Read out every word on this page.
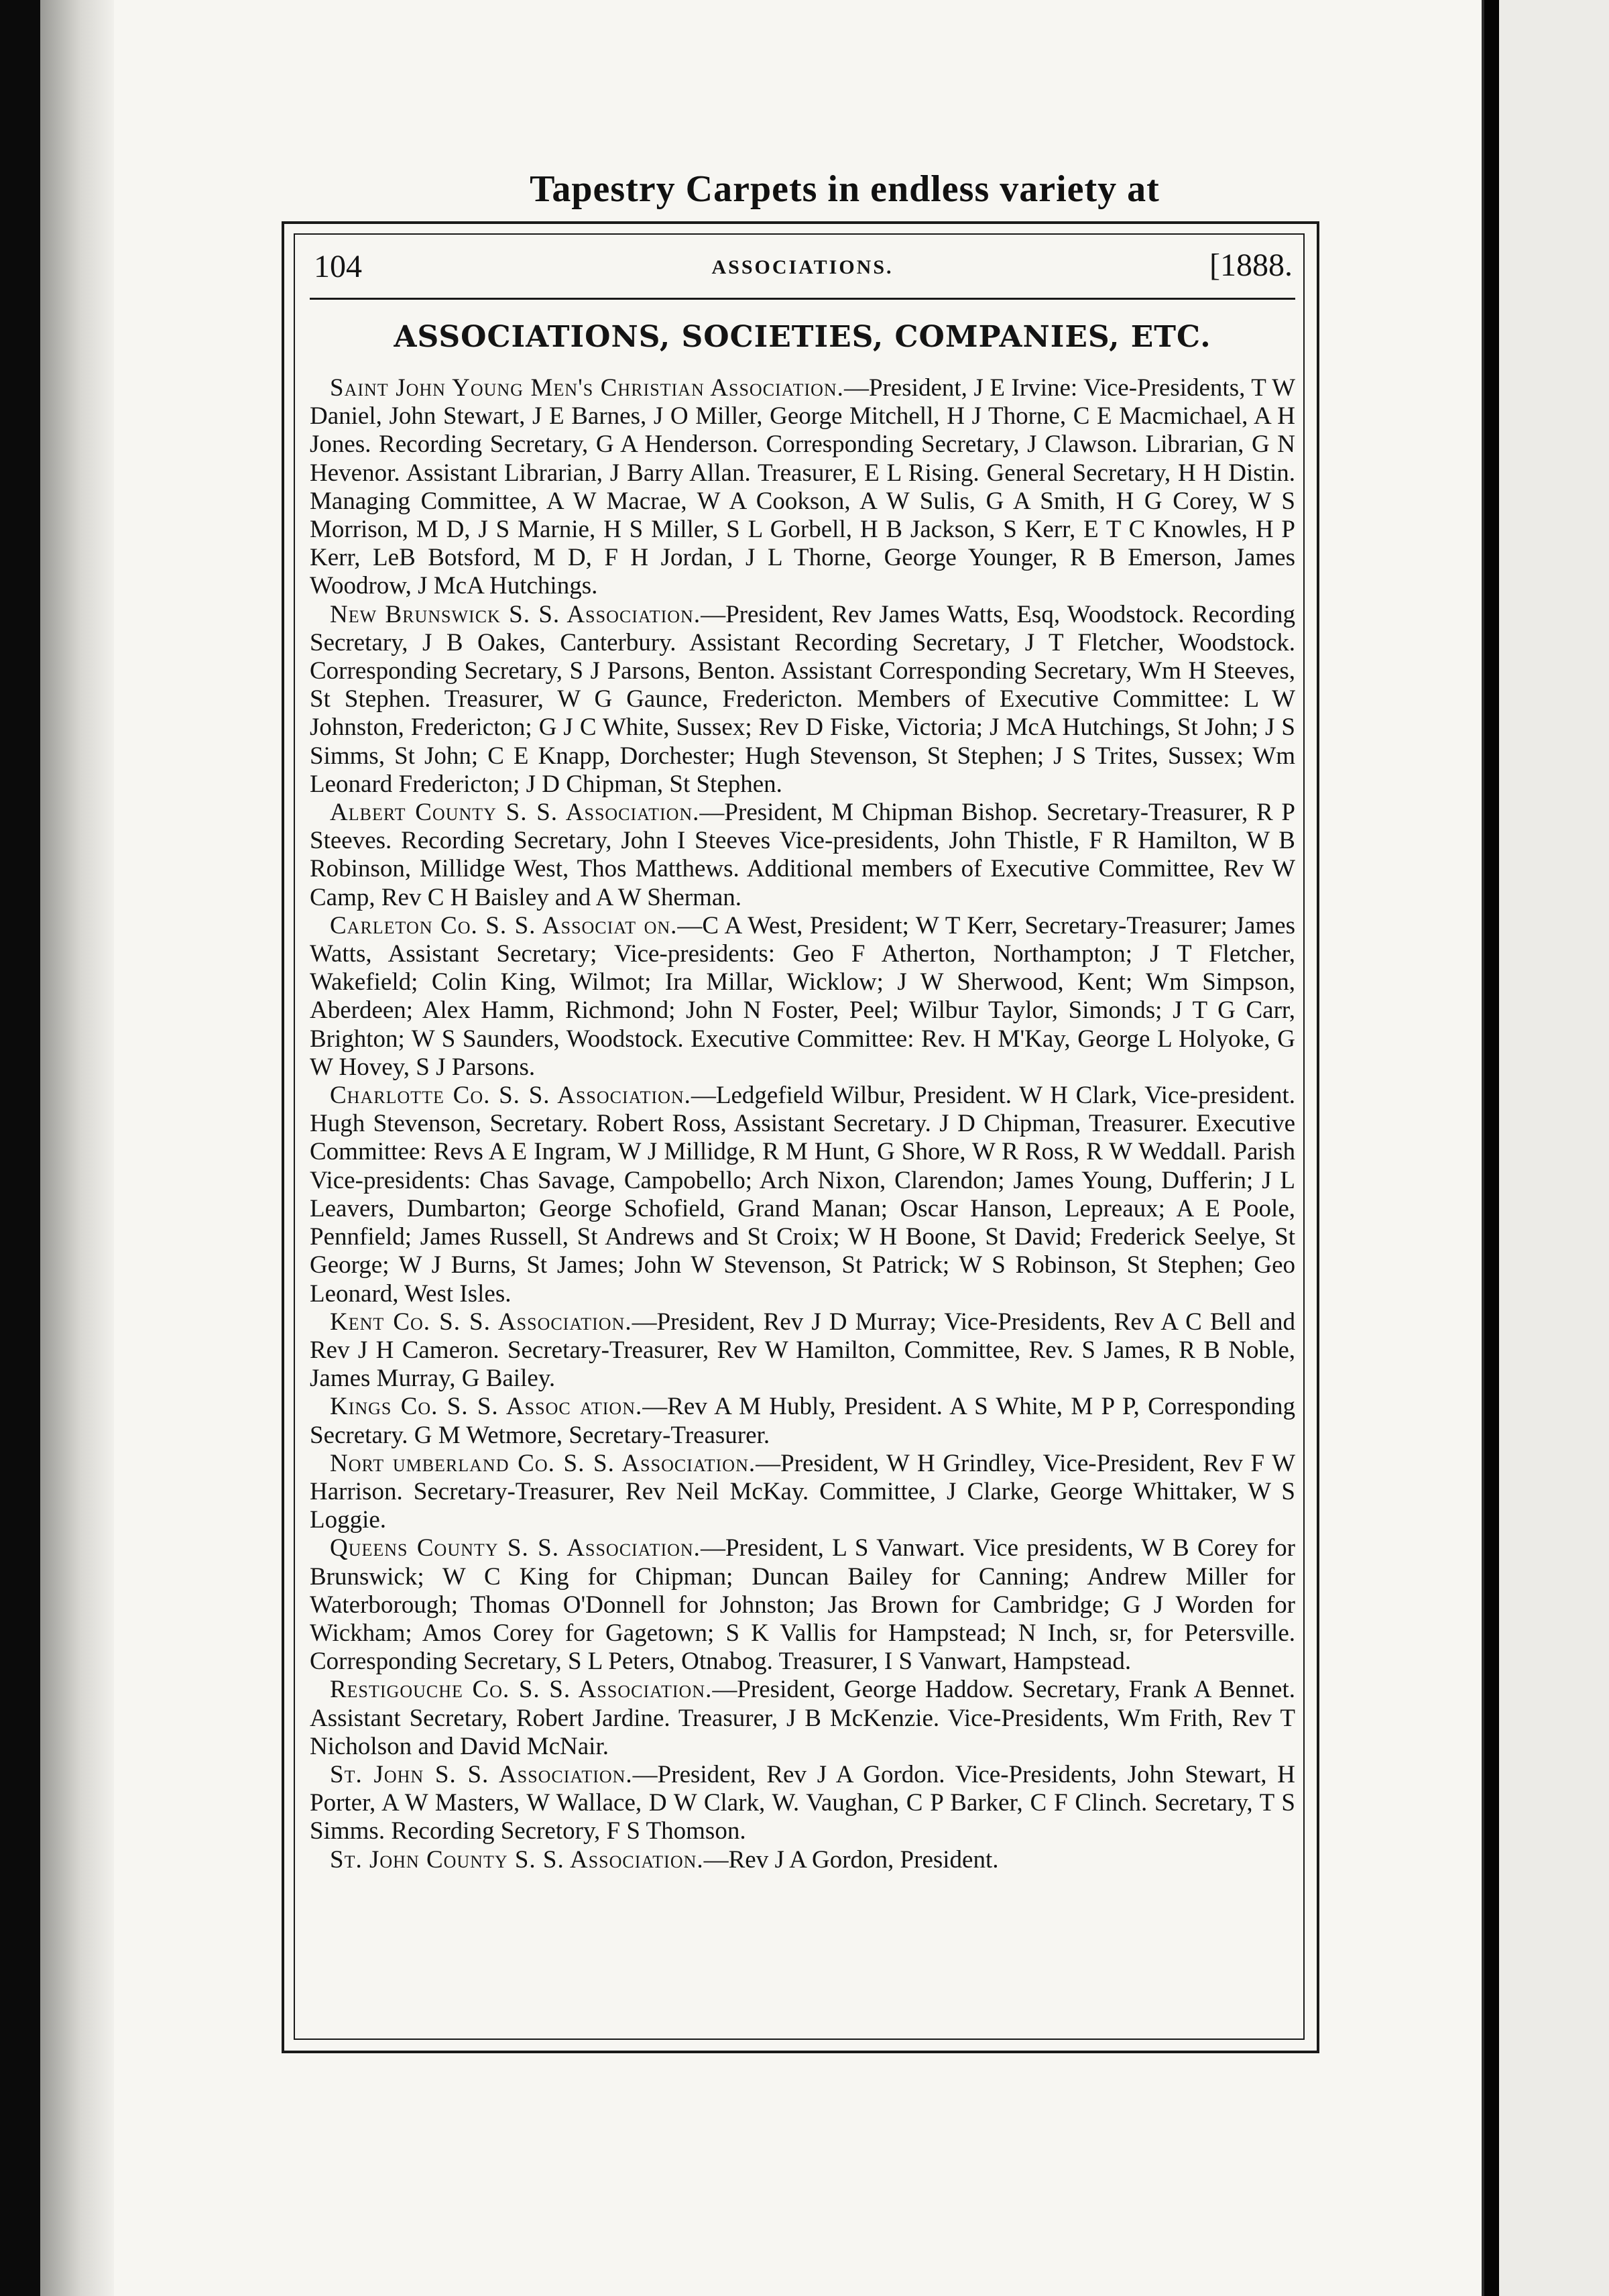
Tapestry Carpets in endless variety at
104	ASSOCIATIONS.	[1888.
ASSOCIATIONS, SOCIETIES, COMPANIES, ETC.

Saint John Young Men's Christian Association.—President, J E Irvine: Vice-Presidents, T W Daniel, John Stewart, J E Barnes, J O Miller, George Mitchell, H J Thorne, C E Macmichael, A H Jones. Recording Secretary, G A Henderson. Corresponding Secretary, J Clawson. Librarian, G N Hevenor. Assistant Librarian, J Barry Allan. Treasurer, E L Rising. General Secretary, H H Distin. Managing Committee, A W Macrae, W A Cookson, A W Sulis, G A Smith, H G Corey, W S Morrison, M D, J S Marnie, H S Miller, S L Gorbell, H B Jackson, S Kerr, E T C Knowles, H P Kerr, LeB Botsford, M D, F H Jordan, J L Thorne, George Younger, R B Emerson, James Woodrow, J McA Hutchings.

New Brunswick S. S. Association.—President, Rev James Watts, Esq, Woodstock. Recording Secretary, J B Oakes, Canterbury. Assistant Recording Secretary, J T Fletcher, Woodstock. Corresponding Secretary, S J Parsons, Benton. Assistant Corresponding Secretary, Wm H Steeves, St Stephen. Treasurer, W G Gaunce, Fredericton. Members of Executive Committee: L W Johnston, Fredericton; G J C White, Sussex; Rev D Fiske, Victoria; J McA Hutchings, St John; J S Simms, St John; C E Knapp, Dorchester; Hugh Stevenson, St Stephen; J S Trites, Sussex; Wm Leonard Fredericton; J D Chipman, St Stephen.

Albert County S. S. Association.—President, M Chipman Bishop. Secretary-Treasurer, R P Steeves. Recording Secretary, John I Steeves Vice-presidents, John Thistle, F R Hamilton, W B Robinson, Millidge West, Thos Matthews. Additional members of Executive Committee, Rev W Camp, Rev C H Baisley and A W Sherman.

Carleton Co. S. S. Associat on.—C A West, President; W T Kerr, Secretary-Treasurer; James Watts, Assistant Secretary; Vice-presidents: Geo F Atherton, Northampton; J T Fletcher, Wakefield; Colin King, Wilmot; Ira Millar, Wicklow; J W Sherwood, Kent; Wm Simpson, Aberdeen; Alex Hamm, Richmond; John N Foster, Peel; Wilbur Taylor, Simonds; J T G Carr, Brighton; W S Saunders, Woodstock. Executive Committee: Rev. H M'Kay, George L Holyoke, G W Hovey, S J Parsons.

Charlotte Co. S. S. Association.—Ledgefield Wilbur, President. W H Clark, Vice-president. Hugh Stevenson, Secretary. Robert Ross, Assistant Secretary. J D Chipman, Treasurer. Executive Committee: Revs A E Ingram, W J Millidge, R M Hunt, G Shore, W R Ross, R W Weddall. Parish Vice-presidents: Chas Savage, Campobello; Arch Nixon, Clarendon; James Young, Dufferin; J L Leavers, Dumbarton; George Schofield, Grand Manan; Oscar Hanson, Lepreaux; A E Poole, Pennfield; James Russell, St Andrews and St Croix; W H Boone, St David; Frederick Seelye, St George; W J Burns, St James; John W Stevenson, St Patrick; W S Robinson, St Stephen; Geo Leonard, West Isles.

Kent Co. S. S. Association.—President, Rev J D Murray; Vice-Presidents, Rev A C Bell and Rev J H Cameron. Secretary-Treasurer, Rev W Hamilton, Committee, Rev. S James, R B Noble, James Murray, G Bailey.

Kings Co. S. S. Assoc ation.—Rev A M Hubly, President. A S White, M P P, Corresponding Secretary. G M Wetmore, Secretary-Treasurer.

Nort umberland Co. S. S. Association.—President, W H Grindley, Vice-President, Rev F W Harrison. Secretary-Treasurer, Rev Neil McKay. Committee, J Clarke, George Whittaker, W S Loggie.

Queens County S. S. Association.—President, L S Vanwart. Vice presidents, W B Corey for Brunswick; W C King for Chipman; Duncan Bailey for Canning; Andrew Miller for Waterborough; Thomas O'Donnell for Johnston; Jas Brown for Cambridge; G J Worden for Wickham; Amos Corey for Gagetown; S K Vallis for Hampstead; N Inch, sr, for Petersville. Corresponding Secretary, S L Peters, Otnabog. Treasurer, I S Vanwart, Hampstead.

Restigouche Co. S. S. Association.—President, George Haddow. Secretary, Frank A Bennet. Assistant Secretary, Robert Jardine. Treasurer, J B McKenzie. Vice-Presidents, Wm Frith, Rev T Nicholson and David McNair.

St. John S. S. Association.—President, Rev J A Gordon. Vice-Presidents, John Stewart, H Porter, A W Masters, W Wallace, D W Clark, W. Vaughan, C P Barker, C F Clinch. Secretary, T S Simms. Recording Secretory, F S Thomson.

St. John County S. S. Association.—Rev J A Gordon, President.
